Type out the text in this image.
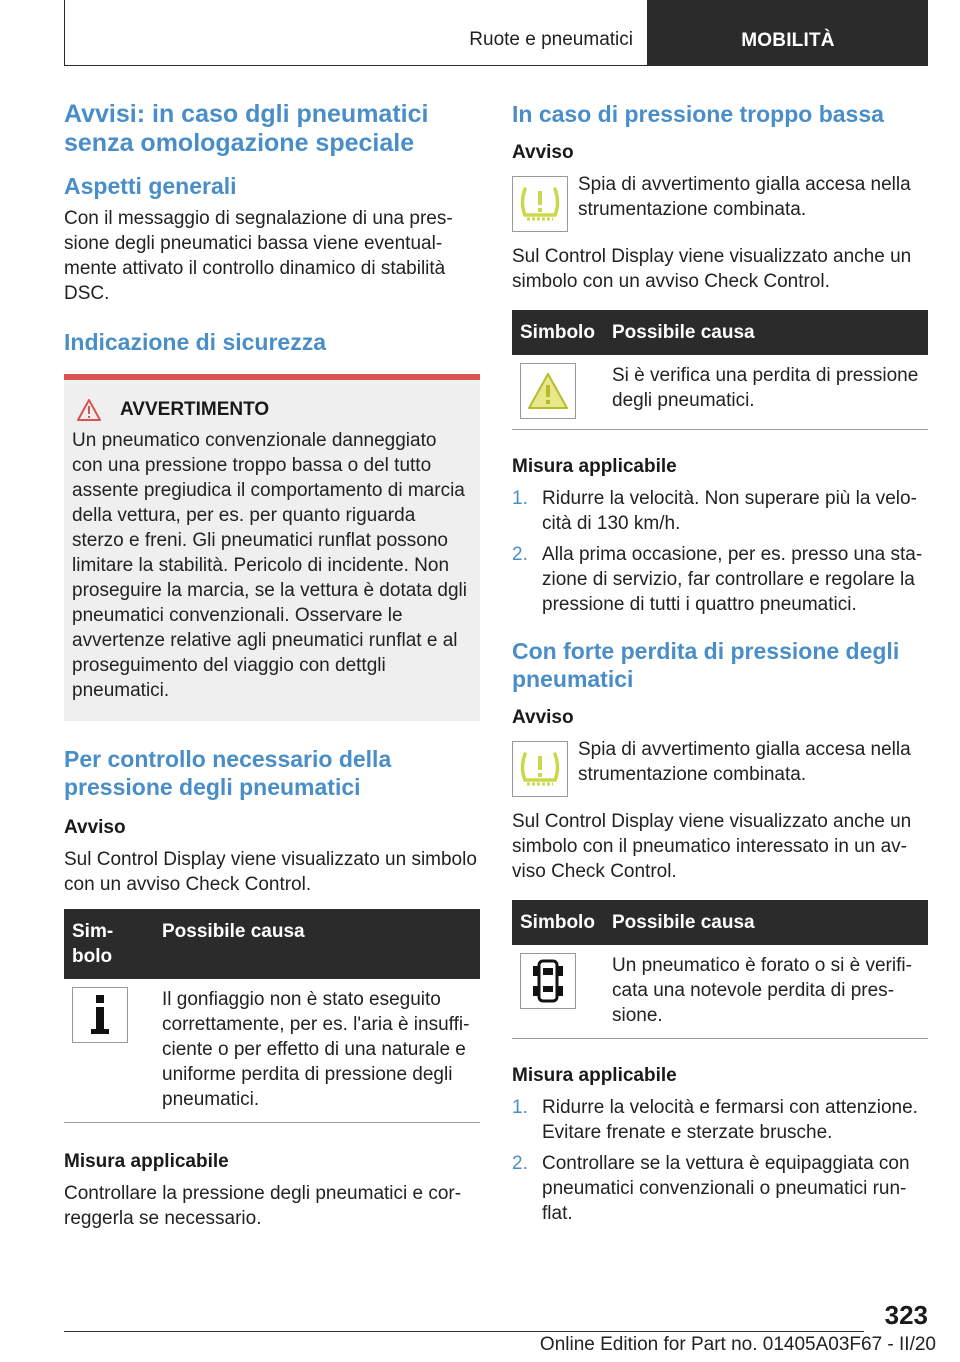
Ruote e pneumatici	MOBILITÀ
Avvisi: in caso dgli pneumatici senza omologazione speciale
Aspetti generali

Con il messaggio di segnalazione di una pressione degli pneumatici bassa viene eventualmente attivato il controllo dinamico di stabilità DSC.

Indicazione di sicurezza
AVVERTIMENTO

Un pneumatico convenzionale danneggiato con una pressione troppo bassa o del tutto assente pregiudica il comportamento di marcia della vettura, per es. per quanto riguarda sterzo e freni. Gli pneumatici runflat possono limitare la stabilità. Pericolo di incidente. Non proseguire la marcia, se la vettura è dotata dgli pneumatici convenzionali. Osservare le avvertenze relative agli pneumatici runflat e al proseguimento del viaggio con dettgli pneumatici.

Per controllo necessario della pressione degli pneumatici
Avviso

Sul Control Display viene visualizzato un simbolo con un avviso Check Control.

Simbolo	Possibile causa

	Il gonfiaggio non è stato eseguito correttamente, per es. l'aria è insufficiente o per effetto di una naturale e uniforme perdita di pressione degli pneumatici.
Misura applicabile

Controllare la pressione degli pneumatici e correggerla se necessario.

In caso di pressione troppo bassa
Avviso

Spia di avvertimento gialla accesa nella strumentazione combinata.

Sul Control Display viene visualizzato anche un simbolo con un avviso Check Control.

Simbolo	Possibile causa

	Si è verifica una perdita di pressione degli pneumatici.
Misura applicabile
1. Ridurre la velocità. Non superare più la velocità di 130 km/h.
2. Alla prima occasione, per es. presso una stazione di servizio, far controllare e regolare la pressione di tutti i quattro pneumatici.
Con forte perdita di pressione degli pneumatici
Avviso

Spia di avvertimento gialla accesa nella strumentazione combinata.

Sul Control Display viene visualizzato anche un simbolo con il pneumatico interessato in un avviso Check Control.

Simbolo	Possibile causa

	Un pneumatico è forato o si è verificata una notevole perdita di pressione.
Misura applicabile
1. Ridurre la velocità e fermarsi con attenzione. Evitare frenate e sterzate brusche.
2. Controllare se la vettura è equipaggiata con pneumatici convenzionali o pneumatici runflat.
323
Online Edition for Part no. 01405A03F67 - II/20
